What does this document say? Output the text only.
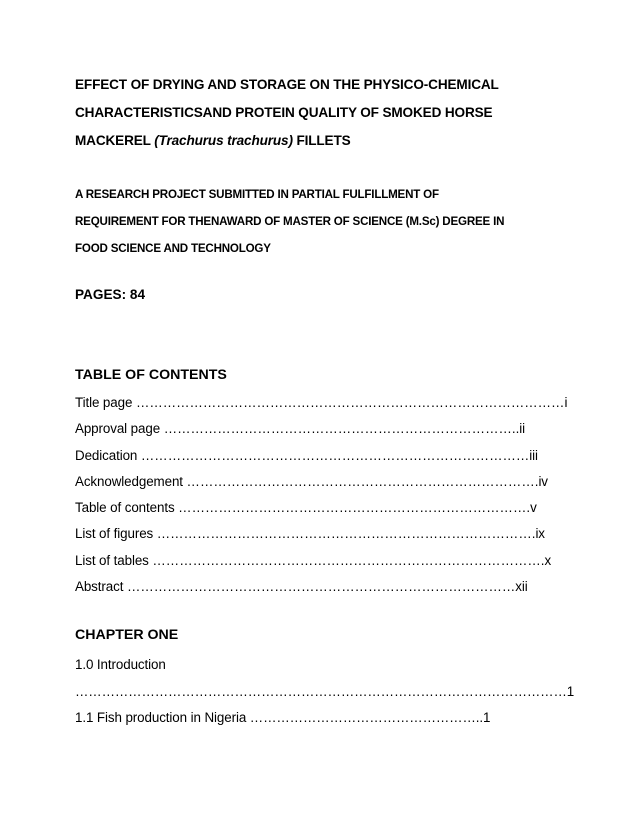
EFFECT OF DRYING AND STORAGE ON THE PHYSICO-CHEMICAL
CHARACTERISTICSAND PROTEIN QUALITY OF SMOKED HORSE
MACKEREL (Trachurus trachurus) FILLETS
A RESEARCH PROJECT SUBMITTED IN PARTIAL FULFILLMENT OF
REQUIREMENT FOR THENAWARD OF MASTER OF SCIENCE (M.Sc) DEGREE IN
FOOD SCIENCE AND TECHNOLOGY
PAGES: 84
TABLE OF CONTENTS
Title page ……………………………………………………………………………………i
Approval page ……………………………………………………………………..ii
Dedication ……………………………………………………………………………iii
Acknowledgement …………………………………………………………………….iv
Table of contents …………………………………………………………………….v
List of figures ………………………………………………………………………….ix
List of tables …………………………………………………………………………….x
Abstract ……………………………………………………………………………xii
CHAPTER ONE
1.0 Introduction
…………………………………………………………………………………………………1
1.1 Fish production in Nigeria ……………………………………………..1
